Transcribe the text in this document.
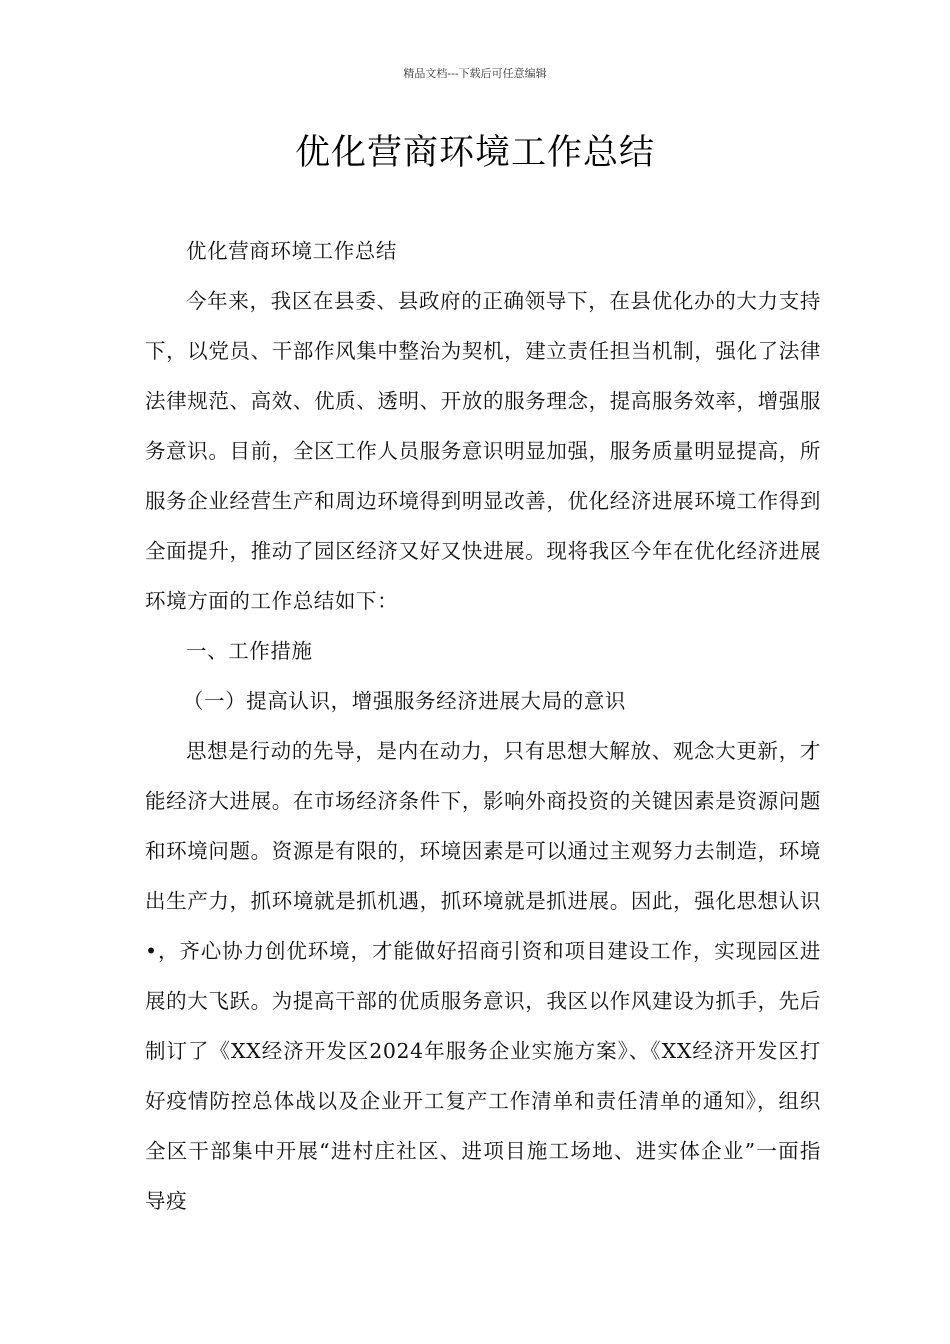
精品文档---下载后可任意编辑
优化营商环境工作总结

优化营商环境工作总结

今年来，我区在县委、县政府的正确领导下，在县优化办的大力支持下，以党员、干部作风集中整治为契机，建立责任担当机制，强化了法律法律规范、高效、优质、透明、开放的服务理念，提高服务效率，增强服务意识。目前，全区工作人员服务意识明显加强，服务质量明显提高，所服务企业经营生产和周边环境得到明显改善，优化经济进展环境工作得到全面提升，推动了园区经济又好又快进展。现将我区今年在优化经济进展环境方面的工作总结如下：

一、工作措施

（一）提高认识，增强服务经济进展大局的意识

思想是行动的先导，是内在动力，只有思想大解放、观念大更新，才能经济大进展。在市场经济条件下，影响外商投资的关键因素是资源问题和环境问题。资源是有限的，环境因素是可以通过主观努力去制造，环境出生产力，抓环境就是抓机遇，抓环境就是抓进展。因此，强化思想认识•，齐心协力创优环境，才能做好招商引资和项目建设工作，实现园区进展的大飞跃。为提高干部的优质服务意识，我区以作风建设为抓手，先后制订了《XX经济开发区2024年服务企业实施方案》、《XX经济开发区打好疫情防控总体战以及企业开工复产工作清单和责任清单的通知》，组织全区干部集中开展“进村庄社区、进项目施工场地、进实体企业”一面指导疫
